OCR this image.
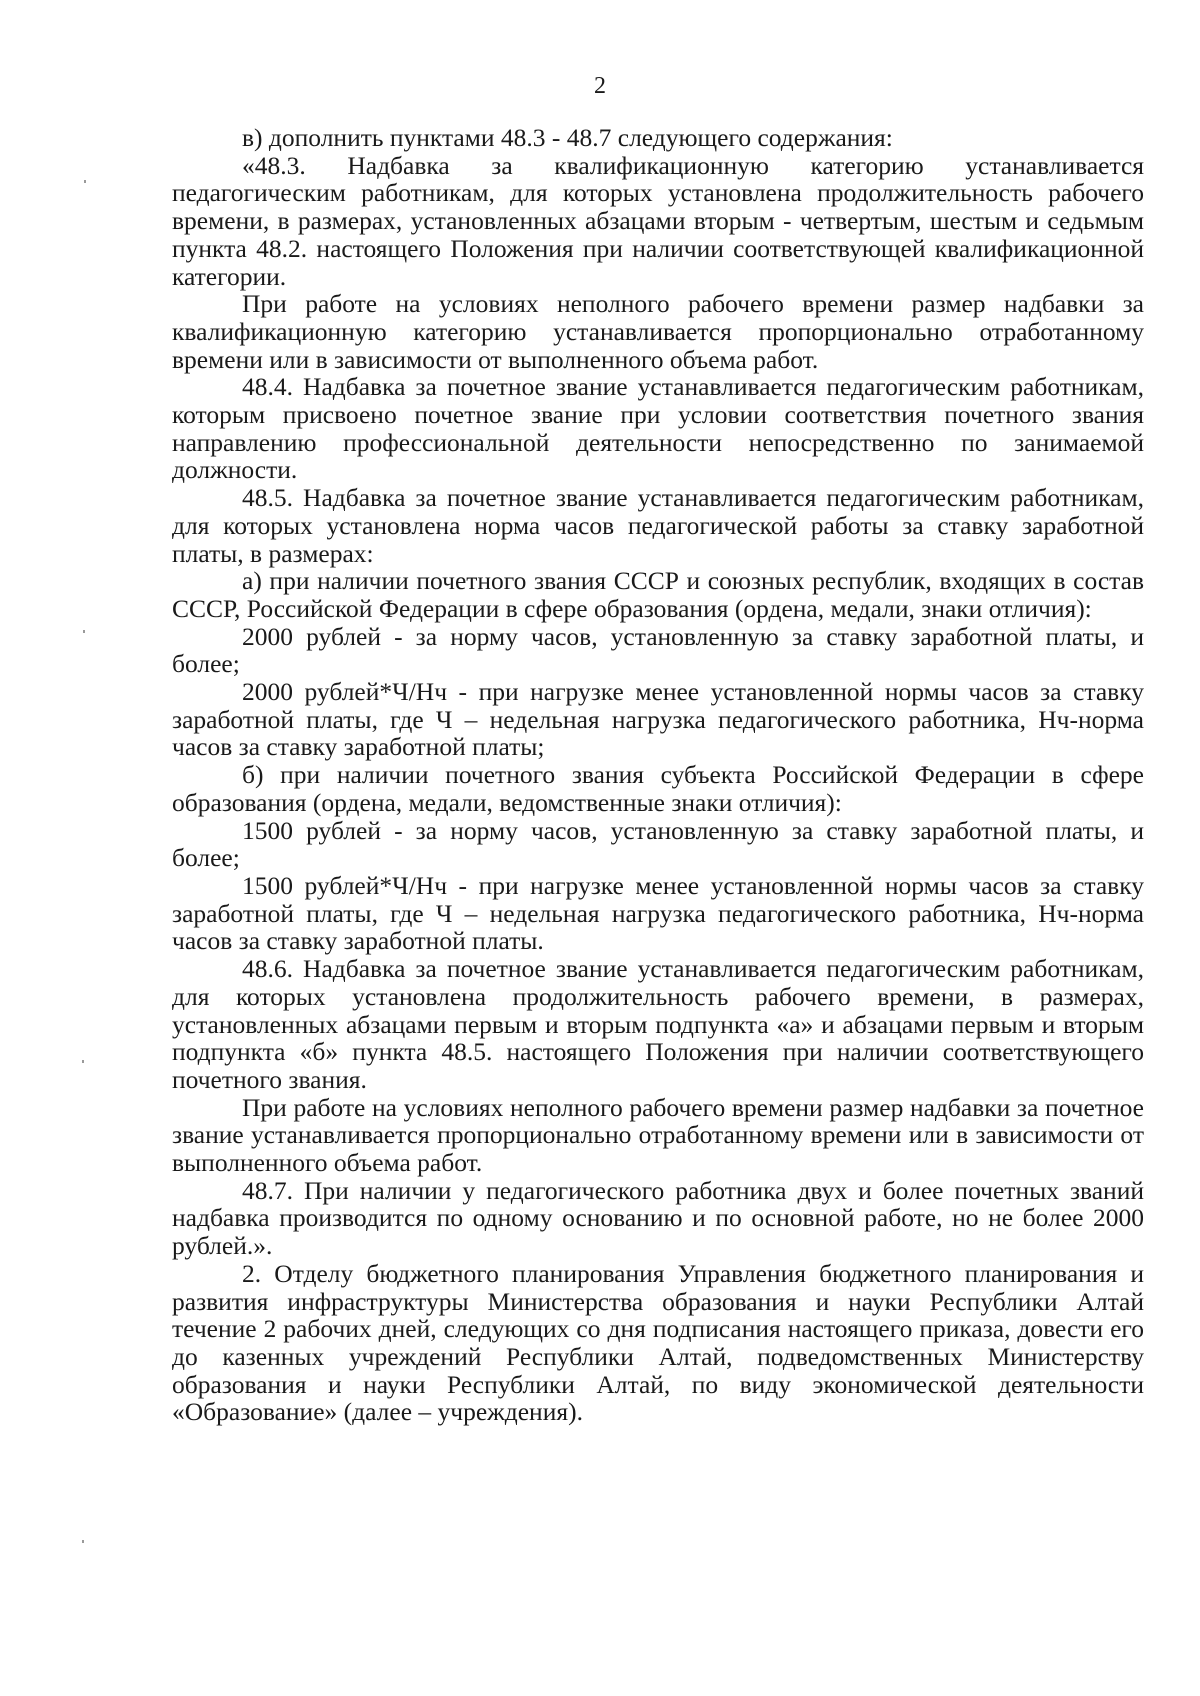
2

в) дополнить пунктами 48.3 - 48.7 следующего содержания:

«48.3. Надбавка за квалификационную категорию устанавливается педагогическим работникам, для которых установлена продолжительность рабочего времени, в размерах, установленных абзацами вторым - четвертым, шестым и седьмым пункта 48.2. настоящего Положения при наличии соответствующей квалификационной категории.

При работе на условиях неполного рабочего времени размер надбавки за квалификационную категорию устанавливается пропорционально отработанному времени или в зависимости от выполненного объема работ.

48.4. Надбавка за почетное звание устанавливается педагогическим работникам, которым присвоено почетное звание при условии соответствия почетного звания направлению профессиональной деятельности непосредственно по занимаемой должности.

48.5. Надбавка за почетное звание устанавливается педагогическим работникам, для которых установлена норма часов педагогической работы за ставку заработной платы, в размерах:

а) при наличии почетного звания СССР и союзных республик, входящих в состав СССР, Российской Федерации в сфере образования (ордена, медали, знаки отличия):

2000 рублей - за норму часов, установленную за ставку заработной платы, и более;

2000 рублей*Ч/Нч - при нагрузке менее установленной нормы часов за ставку заработной платы, где Ч – недельная нагрузка педагогического работника, Нч-норма часов за ставку заработной платы;

б) при наличии почетного звания субъекта Российской Федерации в сфере образования (ордена, медали, ведомственные знаки отличия):

1500 рублей - за норму часов, установленную за ставку заработной платы, и более;

1500 рублей*Ч/Нч - при нагрузке менее установленной нормы часов за ставку заработной платы, где Ч – недельная нагрузка педагогического работника, Нч-норма часов за ставку заработной платы.

48.6. Надбавка за почетное звание устанавливается педагогическим работникам, для которых установлена продолжительность рабочего времени, в размерах, установленных абзацами первым и вторым подпункта «а» и абзацами первым и вторым подпункта «б» пункта 48.5. настоящего Положения при наличии соответствующего почетного звания.

При работе на условиях неполного рабочего времени размер надбавки за почетное звание устанавливается пропорционально отработанному времени или в зависимости от выполненного объема работ.

48.7. При наличии у педагогического работника двух и более почетных званий надбавка производится по одному основанию и по основной работе, но не более 2000 рублей.».

2. Отделу бюджетного планирования Управления бюджетного планирования и развития инфраструктуры Министерства образования и науки Республики Алтай течение 2 рабочих дней, следующих со дня подписания настоящего приказа, довести его до казенных учреждений Республики Алтай, подведомственных Министерству образования и науки Республики Алтай, по виду экономической деятельности «Образование» (далее – учреждения).
